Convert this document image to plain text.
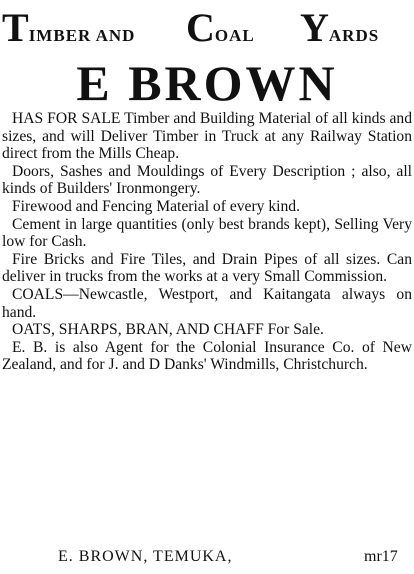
TIMBER AND COAL YARDS
E BROWN

HAS FOR SALE Timber and Building Material of all kinds and sizes, and will Deliver Timber in Truck at any Railway Station direct from the Mills Cheap.

Doors, Sashes and Mouldings of Every Description ; also, all kinds of Builders' Ironmongery.

Firewood and Fencing Material of every kind.

Cement in large quantities (only best brands kept), Selling Very low for Cash.

Fire Bricks and Fire Tiles, and Drain Pipes of all sizes. Can deliver in trucks from the works at a very Small Commission.

COALS—Newcastle, Westport, and Kaitangata always on hand.

OATS, SHARPS, BRAN, AND CHAFF For Sale.

E. B. is also Agent for the Colonial Insurance Co. of New Zealand, and for J. and D Danks' Windmills, Christchurch.

E. BROWN, TEMUKA,	mr17
